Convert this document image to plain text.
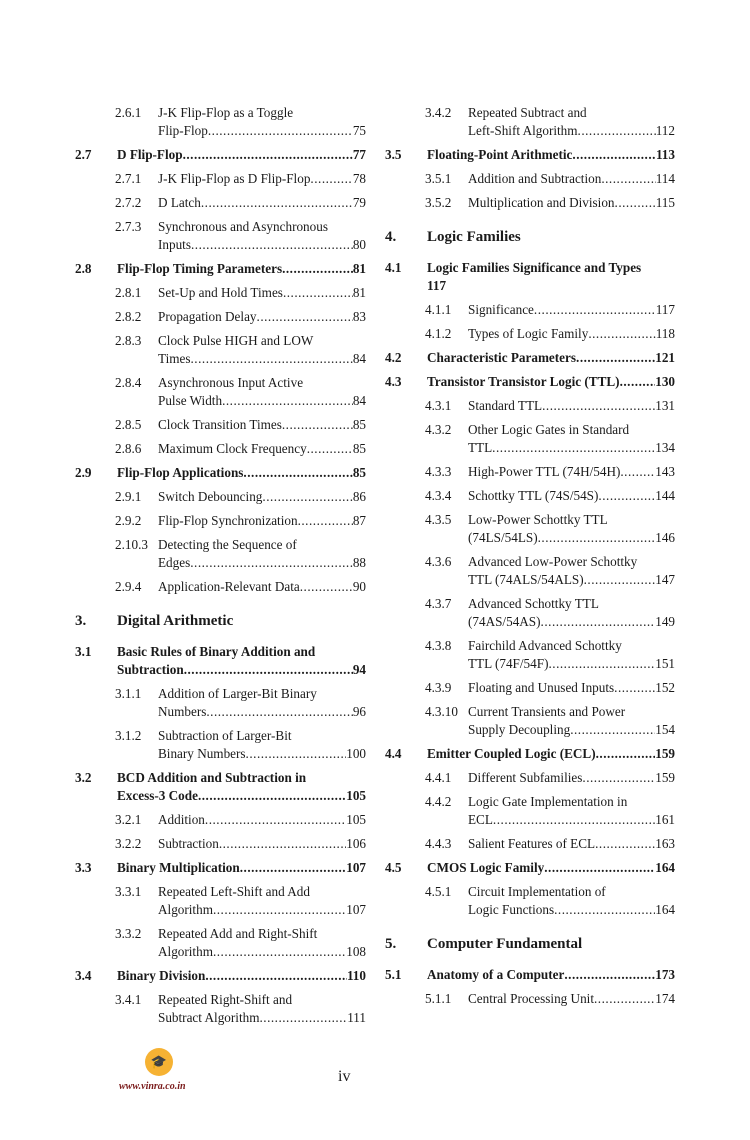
2.6.1 J-K Flip-Flop as a Toggle
Flip-Flop .....	75
2.7 D Flip-Flop .....	77
2.7.1 J-K Flip-Flop as D Flip-Flop .....	78
2.7.2 D Latch .....	79
2.7.3 Synchronous and Asynchronous
Inputs .....	80
2.8 Flip-Flop Timing Parameters .....	81
2.8.1 Set-Up and Hold Times .....	81
2.8.2 Propagation Delay .....	83
2.8.3 Clock Pulse HIGH and LOW
Times .....	84
2.8.4 Asynchronous Input Active
Pulse Width .....	84
2.8.5 Clock Transition Times .....	85
2.8.6 Maximum Clock Frequency .....	85
2.9 Flip-Flop Applications .....	85
2.9.1 Switch Debouncing .....	86
2.9.2 Flip-Flop Synchronization .....	87
2.10.3 Detecting the Sequence of
Edges .....	88
2.9.4 Application-Relevant Data .....	90
3. Digital Arithmetic
3.1 Basic Rules of Binary Addition and
Subtraction .....	94
3.1.1 Addition of Larger-Bit Binary
Numbers .....	96
3.1.2 Subtraction of Larger-Bit
Binary Numbers .....	100
3.2 BCD Addition and Subtraction in
Excess-3 Code .....	105
3.2.1 Addition .....	105
3.2.2 Subtraction .....	106
3.3 Binary Multiplication .....	107
3.3.1 Repeated Left-Shift and Add
Algorithm .....	107
3.3.2 Repeated Add and Right-Shift
Algorithm .....	108
3.4 Binary Division .....	110
3.4.1 Repeated Right-Shift and
Subtract Algorithm .....	111
3.4.2 Repeated Subtract and
Left-Shift Algorithm .....	112
3.5 Floating-Point Arithmetic .....	113
3.5.1 Addition and Subtraction .....	114
3.5.2 Multiplication and Division .....	115
4. Logic Families
4.1 Logic Families Significance and Types
117
4.1.1 Significance .....	117
4.1.2 Types of Logic Family .....	118
4.2 Characteristic Parameters .....	121
4.3 Transistor Transistor Logic (TTL) .....	130
4.3.1 Standard TTL .....	131
4.3.2 Other Logic Gates in Standard
TTL .....	134
4.3.3 High-Power TTL (74H/54H) .....	143
4.3.4 Schottky TTL (74S/54S) .....	144
4.3.5 Low-Power Schottky TTL
(74LS/54LS) .....	146
4.3.6 Advanced Low-Power Schottky
TTL (74ALS/54ALS) .....	147
4.3.7 Advanced Schottky TTL
(74AS/54AS) .....	149
4.3.8 Fairchild Advanced Schottky
TTL (74F/54F) .....	151
4.3.9 Floating and Unused Inputs .....	152
4.3.10 Current Transients and Power
Supply Decoupling .....	154
4.4 Emitter Coupled Logic (ECL) .....	159
4.4.1 Different Subfamilies .....	159
4.4.2 Logic Gate Implementation in
ECL .....	161
4.4.3 Salient Features of ECL .....	163
4.5 CMOS Logic Family .....	164
4.5.1 Circuit Implementation of
Logic Functions .....	164
5. Computer Fundamental
5.1 Anatomy of a Computer .....	173
5.1.1 Central Processing Unit .....	174
🎓
www.vinra.co.in
iv
